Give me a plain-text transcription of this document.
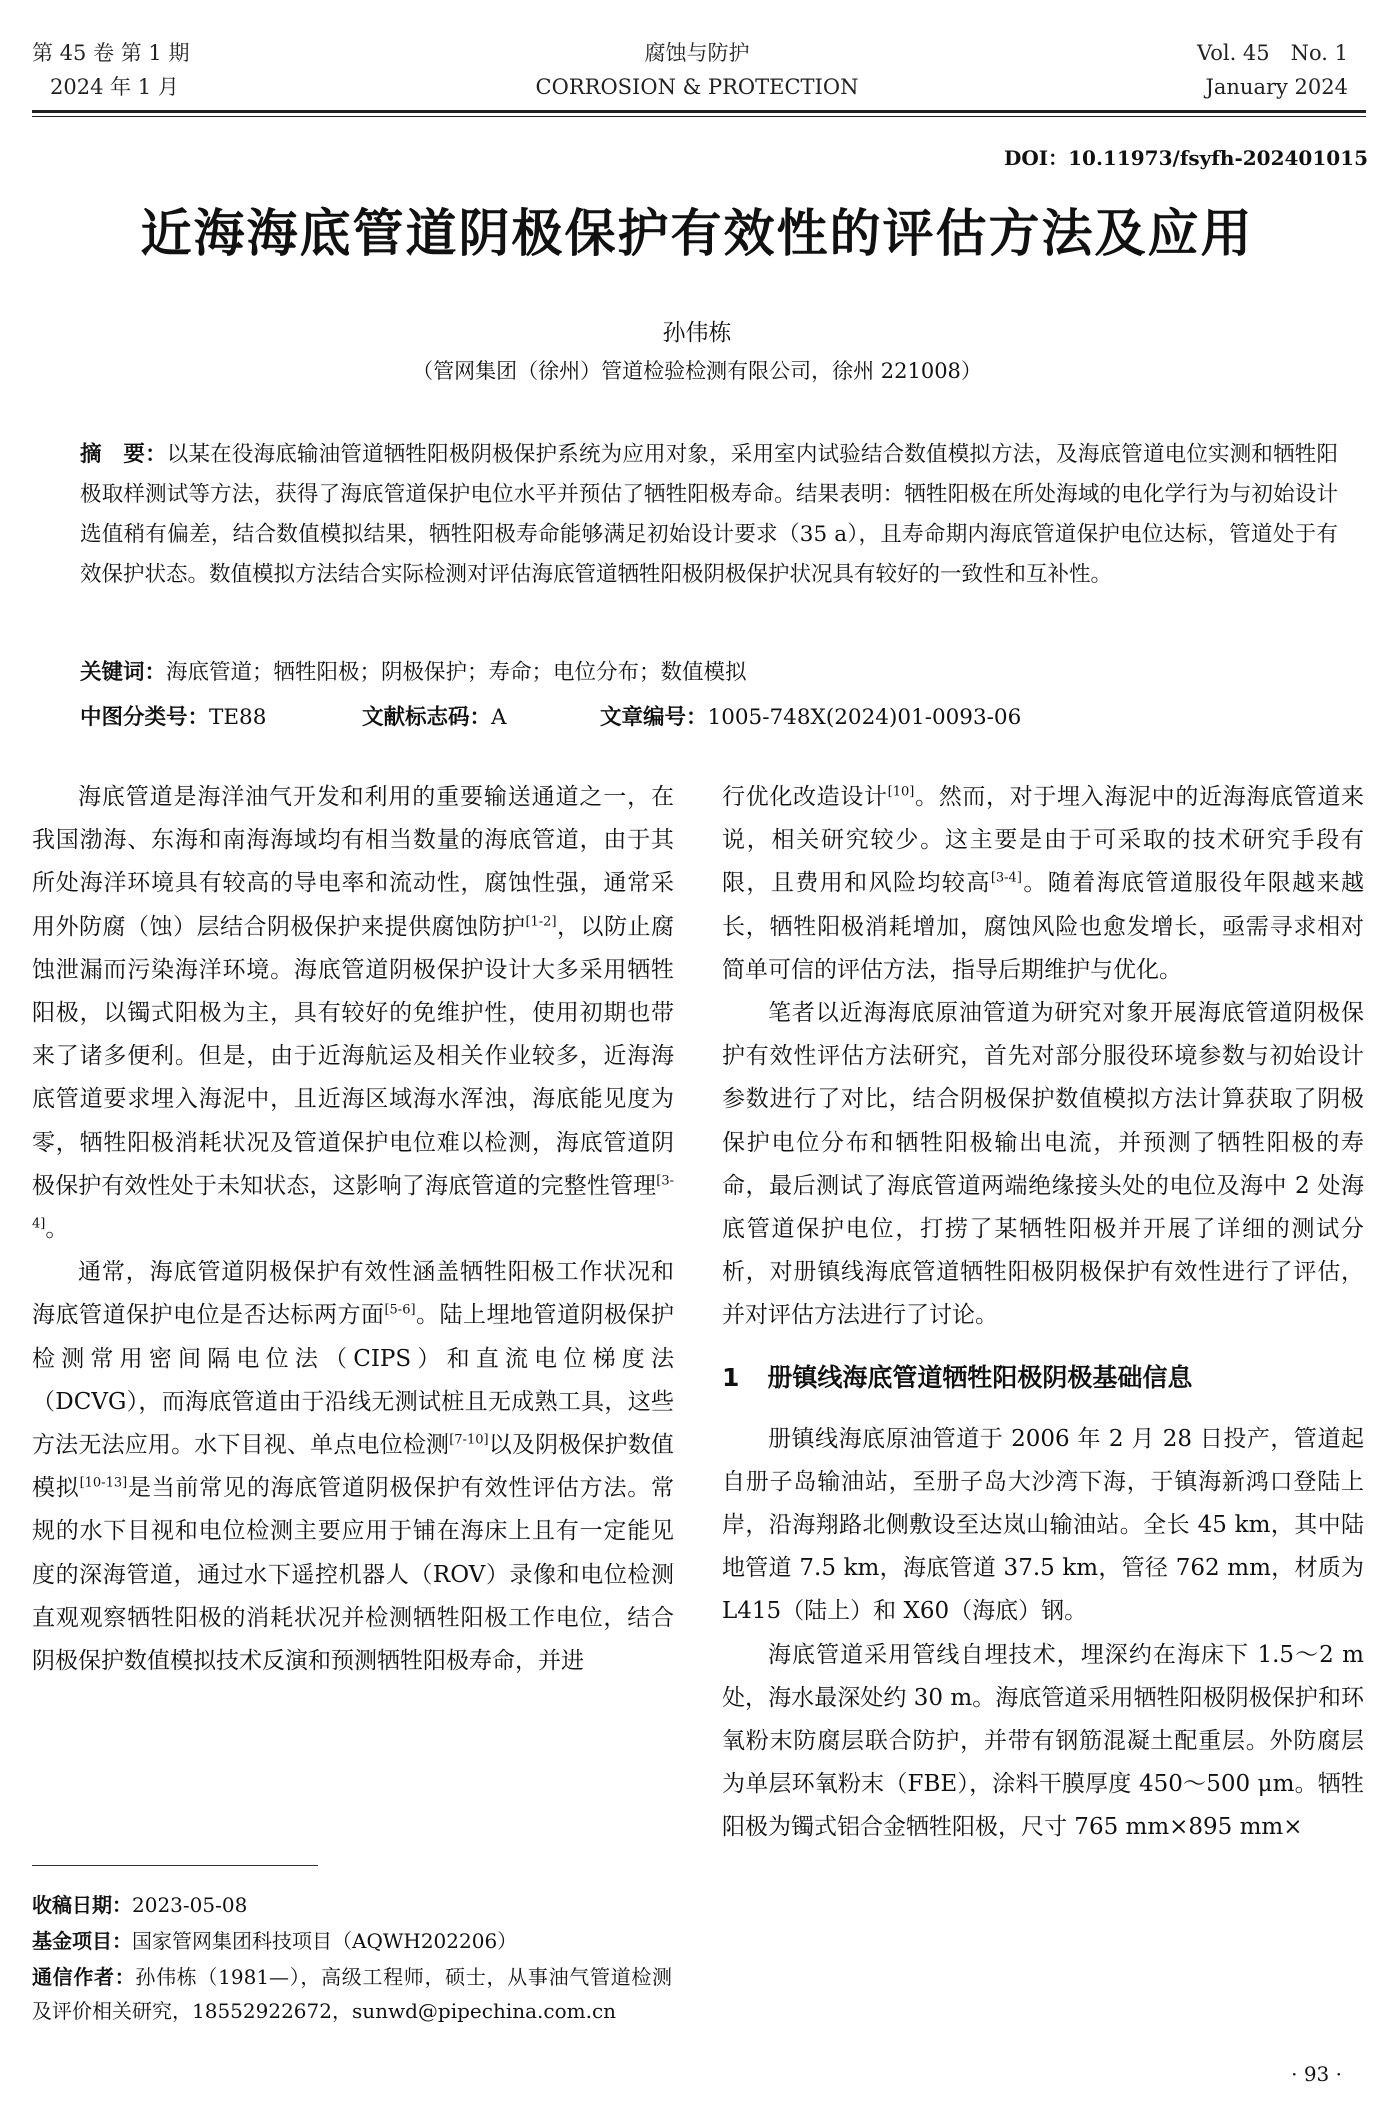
第 45 卷 第 1 期
2024 年 1 月
腐蚀与防护
CORROSION & PROTECTION
Vol. 45　No. 1
January 2024
DOI：10.11973/fsyfh-202401015
近海海底管道阴极保护有效性的评估方法及应用
孙伟栋
（管网集团（徐州）管道检验检测有限公司，徐州 221008）
摘　要：以某在役海底输油管道牺牲阳极阴极保护系统为应用对象，采用室内试验结合数值模拟方法，及海底管道电位实测和牺牲阳极取样测试等方法，获得了海底管道保护电位水平并预估了牺牲阳极寿命。结果表明：牺牲阳极在所处海域的电化学行为与初始设计选值稍有偏差，结合数值模拟结果，牺牲阳极寿命能够满足初始设计要求（35 a），且寿命期内海底管道保护电位达标，管道处于有效保护状态。数值模拟方法结合实际检测对评估海底管道牺牲阳极阴极保护状况具有较好的一致性和互补性。
关键词：海底管道；牺牲阳极；阴极保护；寿命；电位分布；数值模拟
中图分类号：TE88	文献标志码：A	文章编号：1005-748X(2024)01-0093-06

海底管道是海洋油气开发和利用的重要输送通道之一，在我国渤海、东海和南海海域均有相当数量的海底管道，由于其所处海洋环境具有较高的导电率和流动性，腐蚀性强，通常采用外防腐（蚀）层结合阴极保护来提供腐蚀防护[1-2]，以防止腐蚀泄漏而污染海洋环境。海底管道阴极保护设计大多采用牺牲阳极，以镯式阳极为主，具有较好的免维护性，使用初期也带来了诸多便利。但是，由于近海航运及相关作业较多，近海海底管道要求埋入海泥中，且近海区域海水浑浊，海底能见度为零，牺牲阳极消耗状况及管道保护电位难以检测，海底管道阴极保护有效性处于未知状态，这影响了海底管道的完整性管理[3-4]。

通常，海底管道阴极保护有效性涵盖牺牲阳极工作状况和海底管道保护电位是否达标两方面[5-6]。陆上埋地管道阴极保护检测常用密间隔电位法（CIPS）和直流电位梯度法（DCVG），而海底管道由于沿线无测试桩且无成熟工具，这些方法无法应用。水下目视、单点电位检测[7-10]以及阴极保护数值模拟[10-13]是当前常见的海底管道阴极保护有效性评估方法。常规的水下目视和电位检测主要应用于铺在海床上且有一定能见度的深海管道，通过水下遥控机器人（ROV）录像和电位检测直观观察牺牲阳极的消耗状况并检测牺牲阳极工作电位，结合阴极保护数值模拟技术反演和预测牺牲阳极寿命，并进

收稿日期：2023-05-08
基金项目：国家管网集团科技项目（AQWH202206）
通信作者：孙伟栋（1981—），高级工程师，硕士，从事油气管道检测及评价相关研究，18552922672，sunwd@pipechina.com.cn

行优化改造设计[10]。然而，对于埋入海泥中的近海海底管道来说，相关研究较少。这主要是由于可采取的技术研究手段有限，且费用和风险均较高[3-4]。随着海底管道服役年限越来越长，牺牲阳极消耗增加，腐蚀风险也愈发增长，亟需寻求相对简单可信的评估方法，指导后期维护与优化。

笔者以近海海底原油管道为研究对象开展海底管道阴极保护有效性评估方法研究，首先对部分服役环境参数与初始设计参数进行了对比，结合阴极保护数值模拟方法计算获取了阴极保护电位分布和牺牲阳极输出电流，并预测了牺牲阳极的寿命，最后测试了海底管道两端绝缘接头处的电位及海中 2 处海底管道保护电位，打捞了某牺牲阳极并开展了详细的测试分析，对册镇线海底管道牺牲阳极阴极保护有效性进行了评估，并对评估方法进行了讨论。

1 册镇线海底管道牺牲阳极阴极基础信息

册镇线海底原油管道于 2006 年 2 月 28 日投产，管道起自册子岛输油站，至册子岛大沙湾下海，于镇海新鸿口登陆上岸，沿海翔路北侧敷设至达岚山输油站。全长 45 km，其中陆地管道 7.5 km，海底管道 37.5 km，管径 762 mm，材质为 L415（陆上）和 X60（海底）钢。

海底管道采用管线自埋技术，埋深约在海床下 1.5～2 m 处，海水最深处约 30 m。海底管道采用牺牲阳极阴极保护和环氧粉末防腐层联合防护，并带有钢筋混凝土配重层。外防腐层为单层环氧粉末（FBE），涂料干膜厚度 450～500 μm。牺牲阳极为镯式铝合金牺牲阳极，尺寸 765 mm×895 mm×

· 93 ·
